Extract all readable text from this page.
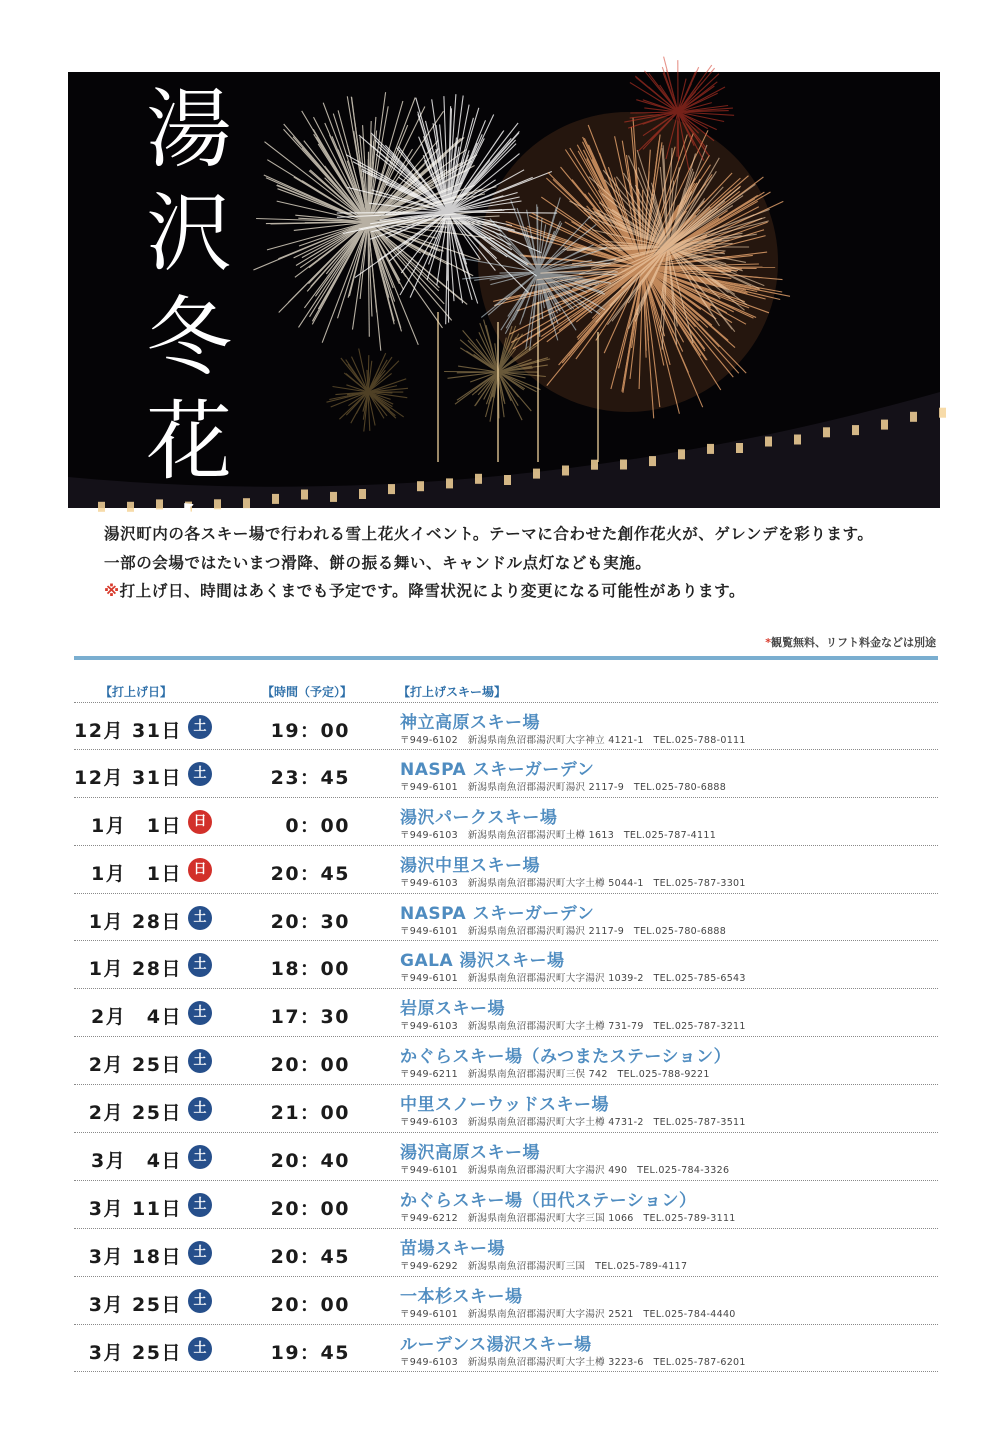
湯
沢
冬
花
火
湯沢町内の各スキー場で行われる雪上花火イベント。テーマに合わせた創作花火が、ゲレンデを彩ります。
一部の会場ではたいまつ滑降、餅の振る舞い、キャンドル点灯なども実施。
※打上げ日、時間はあくまでも予定です。降雪状況により変更になる可能性があります。
*観覧無料、リフト料金などは別途
【打上げ日】	【時間（予定）】	【打上げスキー場】
12月 31日 土	19：00	神立高原スキー場
〒949-6102　新潟県南魚沼郡湯沢町大字神立 4121-1　TEL.025-788-0111
12月 31日 土	23：45	NASPA スキーガーデン
〒949-6101　新潟県南魚沼郡湯沢町湯沢 2117-9　TEL.025-780-6888
1月　1日 日	0：00	湯沢パークスキー場
〒949-6103　新潟県南魚沼郡湯沢町土樽 1613　TEL.025-787-4111
1月　1日 日	20：45	湯沢中里スキー場
〒949-6103　新潟県南魚沼郡湯沢町大字土樽 5044-1　TEL.025-787-3301
1月 28日 土	20：30	NASPA スキーガーデン
〒949-6101　新潟県南魚沼郡湯沢町湯沢 2117-9　TEL.025-780-6888
1月 28日 土	18：00	GALA 湯沢スキー場
〒949-6101　新潟県南魚沼郡湯沢町大字湯沢 1039-2　TEL.025-785-6543
2月　4日 土	17：30	岩原スキー場
〒949-6103　新潟県南魚沼郡湯沢町大字土樽 731-79　TEL.025-787-3211
2月 25日 土	20：00	かぐらスキー場（みつまたステーション）
〒949-6211　新潟県南魚沼郡湯沢町三俣 742　TEL.025-788-9221
2月 25日 土	21：00	中里スノーウッドスキー場
〒949-6103　新潟県南魚沼郡湯沢町大字土樽 4731-2　TEL.025-787-3511
3月　4日 土	20：40	湯沢高原スキー場
〒949-6101　新潟県南魚沼郡湯沢町大字湯沢 490　TEL.025-784-3326
3月 11日 土	20：00	かぐらスキー場（田代ステーション）
〒949-6212　新潟県南魚沼郡湯沢町大字三国 1066　TEL.025-789-3111
3月 18日 土	20：45	苗場スキー場
〒949-6292　新潟県南魚沼郡湯沢町三国　TEL.025-789-4117
3月 25日 土	20：00	一本杉スキー場
〒949-6101　新潟県南魚沼郡湯沢町大字湯沢 2521　TEL.025-784-4440
3月 25日 土	19：45	ルーデンス湯沢スキー場
〒949-6103　新潟県南魚沼郡湯沢町大字土樽 3223-6　TEL.025-787-6201
